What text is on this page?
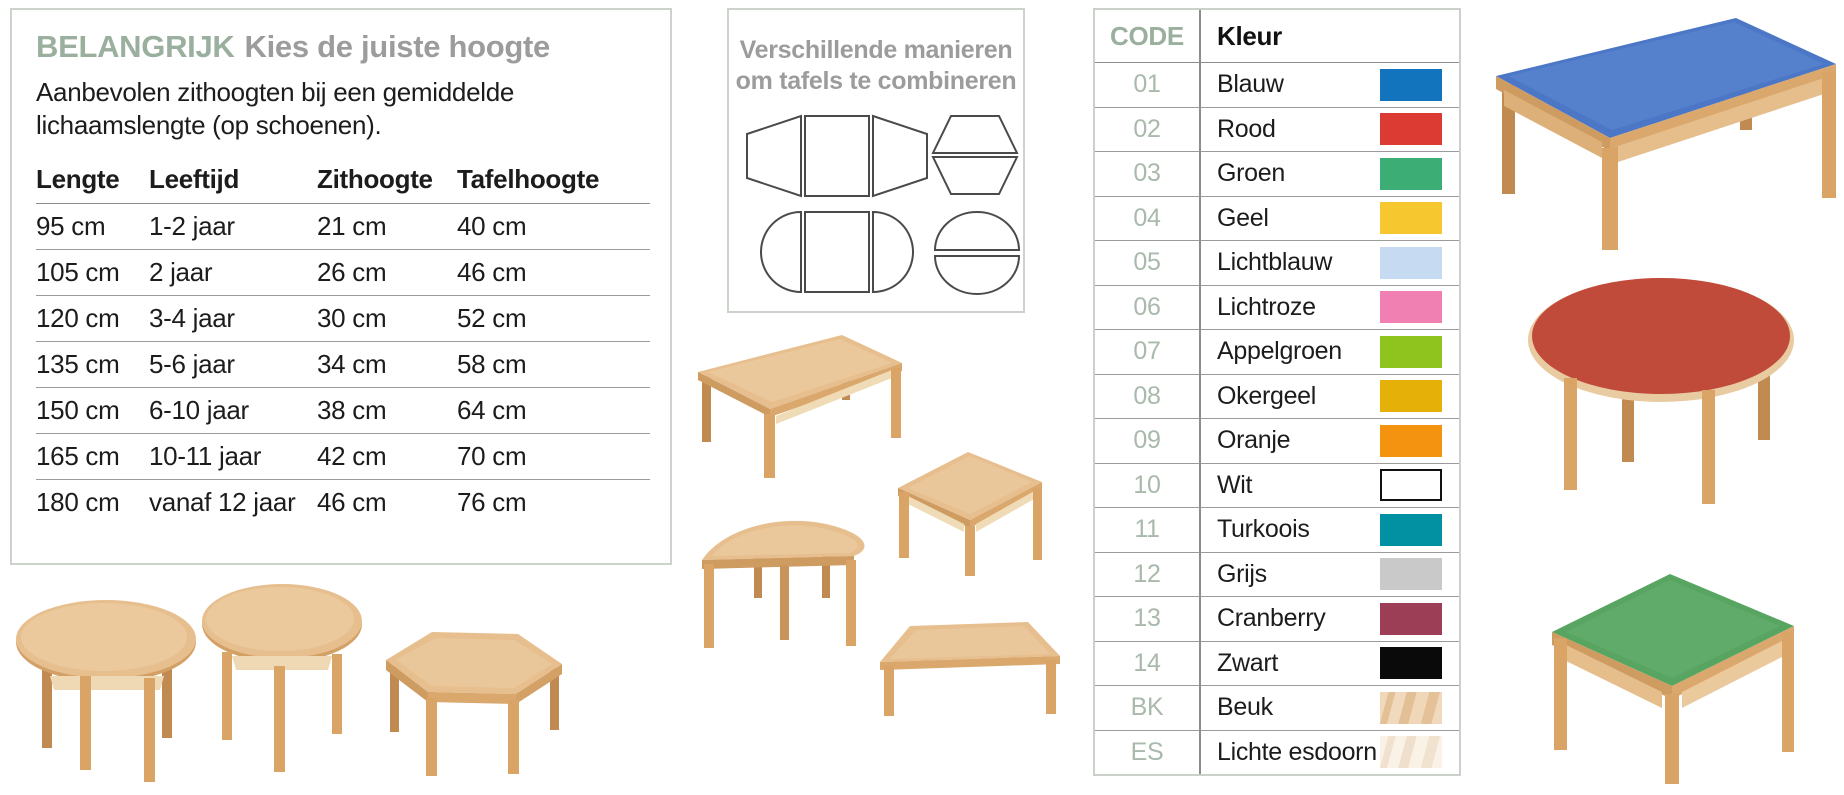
BELANGRIJK Kies de juiste hoogte

Aanbevolen zithoogten bij een gemiddelde lichaamslengte (op schoenen).

Lengte	Leeftijd	Zithoogte	Tafelhoogte
95 cm	1-2 jaar	21 cm	40 cm
105 cm	2 jaar	26 cm	46 cm
120 cm	3-4 jaar	30 cm	52 cm
135 cm	5-6 jaar	34 cm	58 cm
150 cm	6-10 jaar	38 cm	64 cm
165 cm	10-11 jaar	42 cm	70 cm
180 cm	vanaf 12 jaar	46 cm	76 cm
Verschillende manieren
om tafels te combineren
CODE	Kleur
01	Blauw
02	Rood
03	Groen
04	Geel
05	Lichtblauw
06	Lichtroze
07	Appelgroen
08	Okergeel
09	Oranje
10	Wit
11	Turkoois
12	Grijs
13	Cranberry
14	Zwart
BK	Beuk
ES	Lichte esdoorn
